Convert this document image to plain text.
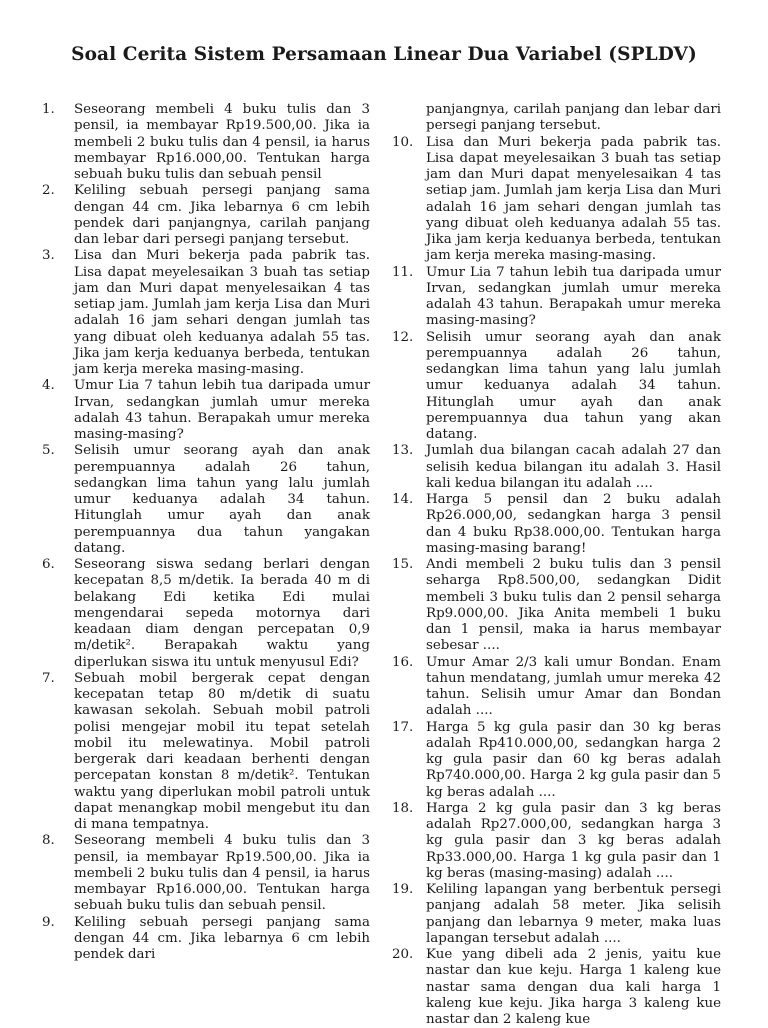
Soal Cerita Sistem Persamaan Linear Dua Variabel (SPLDV)
1.	Seseorang membeli 4 buku tulis dan 3 pensil, ia membayar Rp19.500,00. Jika ia membeli 2 buku tulis dan 4 pensil, ia harus membayar Rp16.000,00. Tentukan harga sebuah buku tulis dan sebuah pensil
2.	Keliling sebuah persegi panjang sama dengan 44 cm. Jika lebarnya 6 cm lebih pendek dari panjangnya, carilah panjang dan lebar dari persegi panjang tersebut.
3.	Lisa dan Muri bekerja pada pabrik tas. Lisa dapat meyelesaikan 3 buah tas setiap jam dan Muri dapat menyelesaikan 4 tas setiap jam. Jumlah jam kerja Lisa dan Muri adalah 16 jam sehari dengan jumlah tas yang dibuat oleh keduanya adalah 55 tas. Jika jam kerja keduanya berbeda, tentukan jam kerja mereka masing-masing.
4.	Umur Lia 7 tahun lebih tua daripada umur Irvan, sedangkan jumlah umur mereka adalah 43 tahun. Berapakah umur mereka masing-masing?
5.	Selisih umur seorang ayah dan anak perempuannya adalah 26 tahun, sedangkan lima tahun yang lalu jumlah umur keduanya adalah 34 tahun. Hitunglah umur ayah dan anak perempuannya dua tahun yangakan datang.
6.	Seseorang siswa sedang berlari dengan kecepatan 8,5 m/detik. Ia berada 40 m di belakang Edi ketika Edi mulai mengendarai sepeda motornya dari keadaan diam dengan percepatan 0,9 m/detik². Berapakah waktu yang diperlukan siswa itu untuk menyusul Edi?
7.	Sebuah mobil bergerak cepat dengan kecepatan tetap 80 m/detik di suatu kawasan sekolah. Sebuah mobil patroli polisi mengejar mobil itu tepat setelah mobil itu melewatinya. Mobil patroli bergerak dari keadaan berhenti dengan percepatan konstan 8 m/detik². Tentukan waktu yang diperlukan mobil patroli untuk dapat menangkap mobil mengebut itu dan di mana tempatnya.
8.	Seseorang membeli 4 buku tulis dan 3 pensil, ia membayar Rp19.500,00. Jika ia membeli 2 buku tulis dan 4 pensil, ia harus membayar Rp16.000,00. Tentukan harga sebuah buku tulis dan sebuah pensil.
9.	Keliling sebuah persegi panjang sama dengan 44 cm. Jika lebarnya 6 cm lebih pendek dari
panjangnya, carilah panjang dan lebar dari persegi panjang tersebut.
10. Lisa dan Muri bekerja pada pabrik tas. Lisa dapat meyelesaikan 3 buah tas setiap jam dan Muri dapat menyelesaikan 4 tas setiap jam. Jumlah jam kerja Lisa dan Muri adalah 16 jam sehari dengan jumlah tas yang dibuat oleh keduanya adalah 55 tas. Jika jam kerja keduanya berbeda, tentukan jam kerja mereka masing-masing.
11. Umur Lia 7 tahun lebih tua daripada umur Irvan, sedangkan jumlah umur mereka adalah 43 tahun. Berapakah umur mereka masing-masing?
12. Selisih umur seorang ayah dan anak perempuannya adalah 26 tahun, sedangkan lima tahun yang lalu jumlah umur keduanya adalah 34 tahun. Hitunglah umur ayah dan anak perempuannya dua tahun yang akan datang.
13. Jumlah dua bilangan cacah adalah 27 dan selisih kedua bilangan itu adalah 3. Hasil kali kedua bilangan itu adalah ....
14. Harga 5 pensil dan 2 buku adalah Rp26.000,00, sedangkan harga 3 pensil dan 4 buku Rp38.000,00. Tentukan harga masing-masing barang!
15. Andi membeli 2 buku tulis dan 3 pensil seharga Rp8.500,00, sedangkan Didit membeli 3 buku tulis dan 2 pensil seharga Rp9.000,00. Jika Anita membeli 1 buku dan 1 pensil, maka ia harus membayar sebesar ....
16. Umur Amar 2/3 kali umur Bondan. Enam tahun mendatang, jumlah umur mereka 42 tahun. Selisih umur Amar dan Bondan adalah ....
17. Harga 5 kg gula pasir dan 30 kg beras adalah Rp410.000,00, sedangkan harga 2 kg gula pasir dan 60 kg beras adalah Rp740.000,00. Harga 2 kg gula pasir dan 5 kg beras adalah ....
18. Harga 2 kg gula pasir dan 3 kg beras adalah Rp27.000,00, sedangkan harga 3 kg gula pasir dan 3 kg beras adalah Rp33.000,00. Harga 1 kg gula pasir dan 1 kg beras (masing-masing) adalah ....
19. Keliling lapangan yang berbentuk persegi panjang adalah 58 meter. Jika selisih panjang dan lebarnya 9 meter, maka luas lapangan tersebut adalah ....
20. Kue yang dibeli ada 2 jenis, yaitu kue nastar dan kue keju. Harga 1 kaleng kue nastar sama dengan dua kali harga 1 kaleng kue keju. Jika harga 3 kaleng kue nastar dan 2 kaleng kue
